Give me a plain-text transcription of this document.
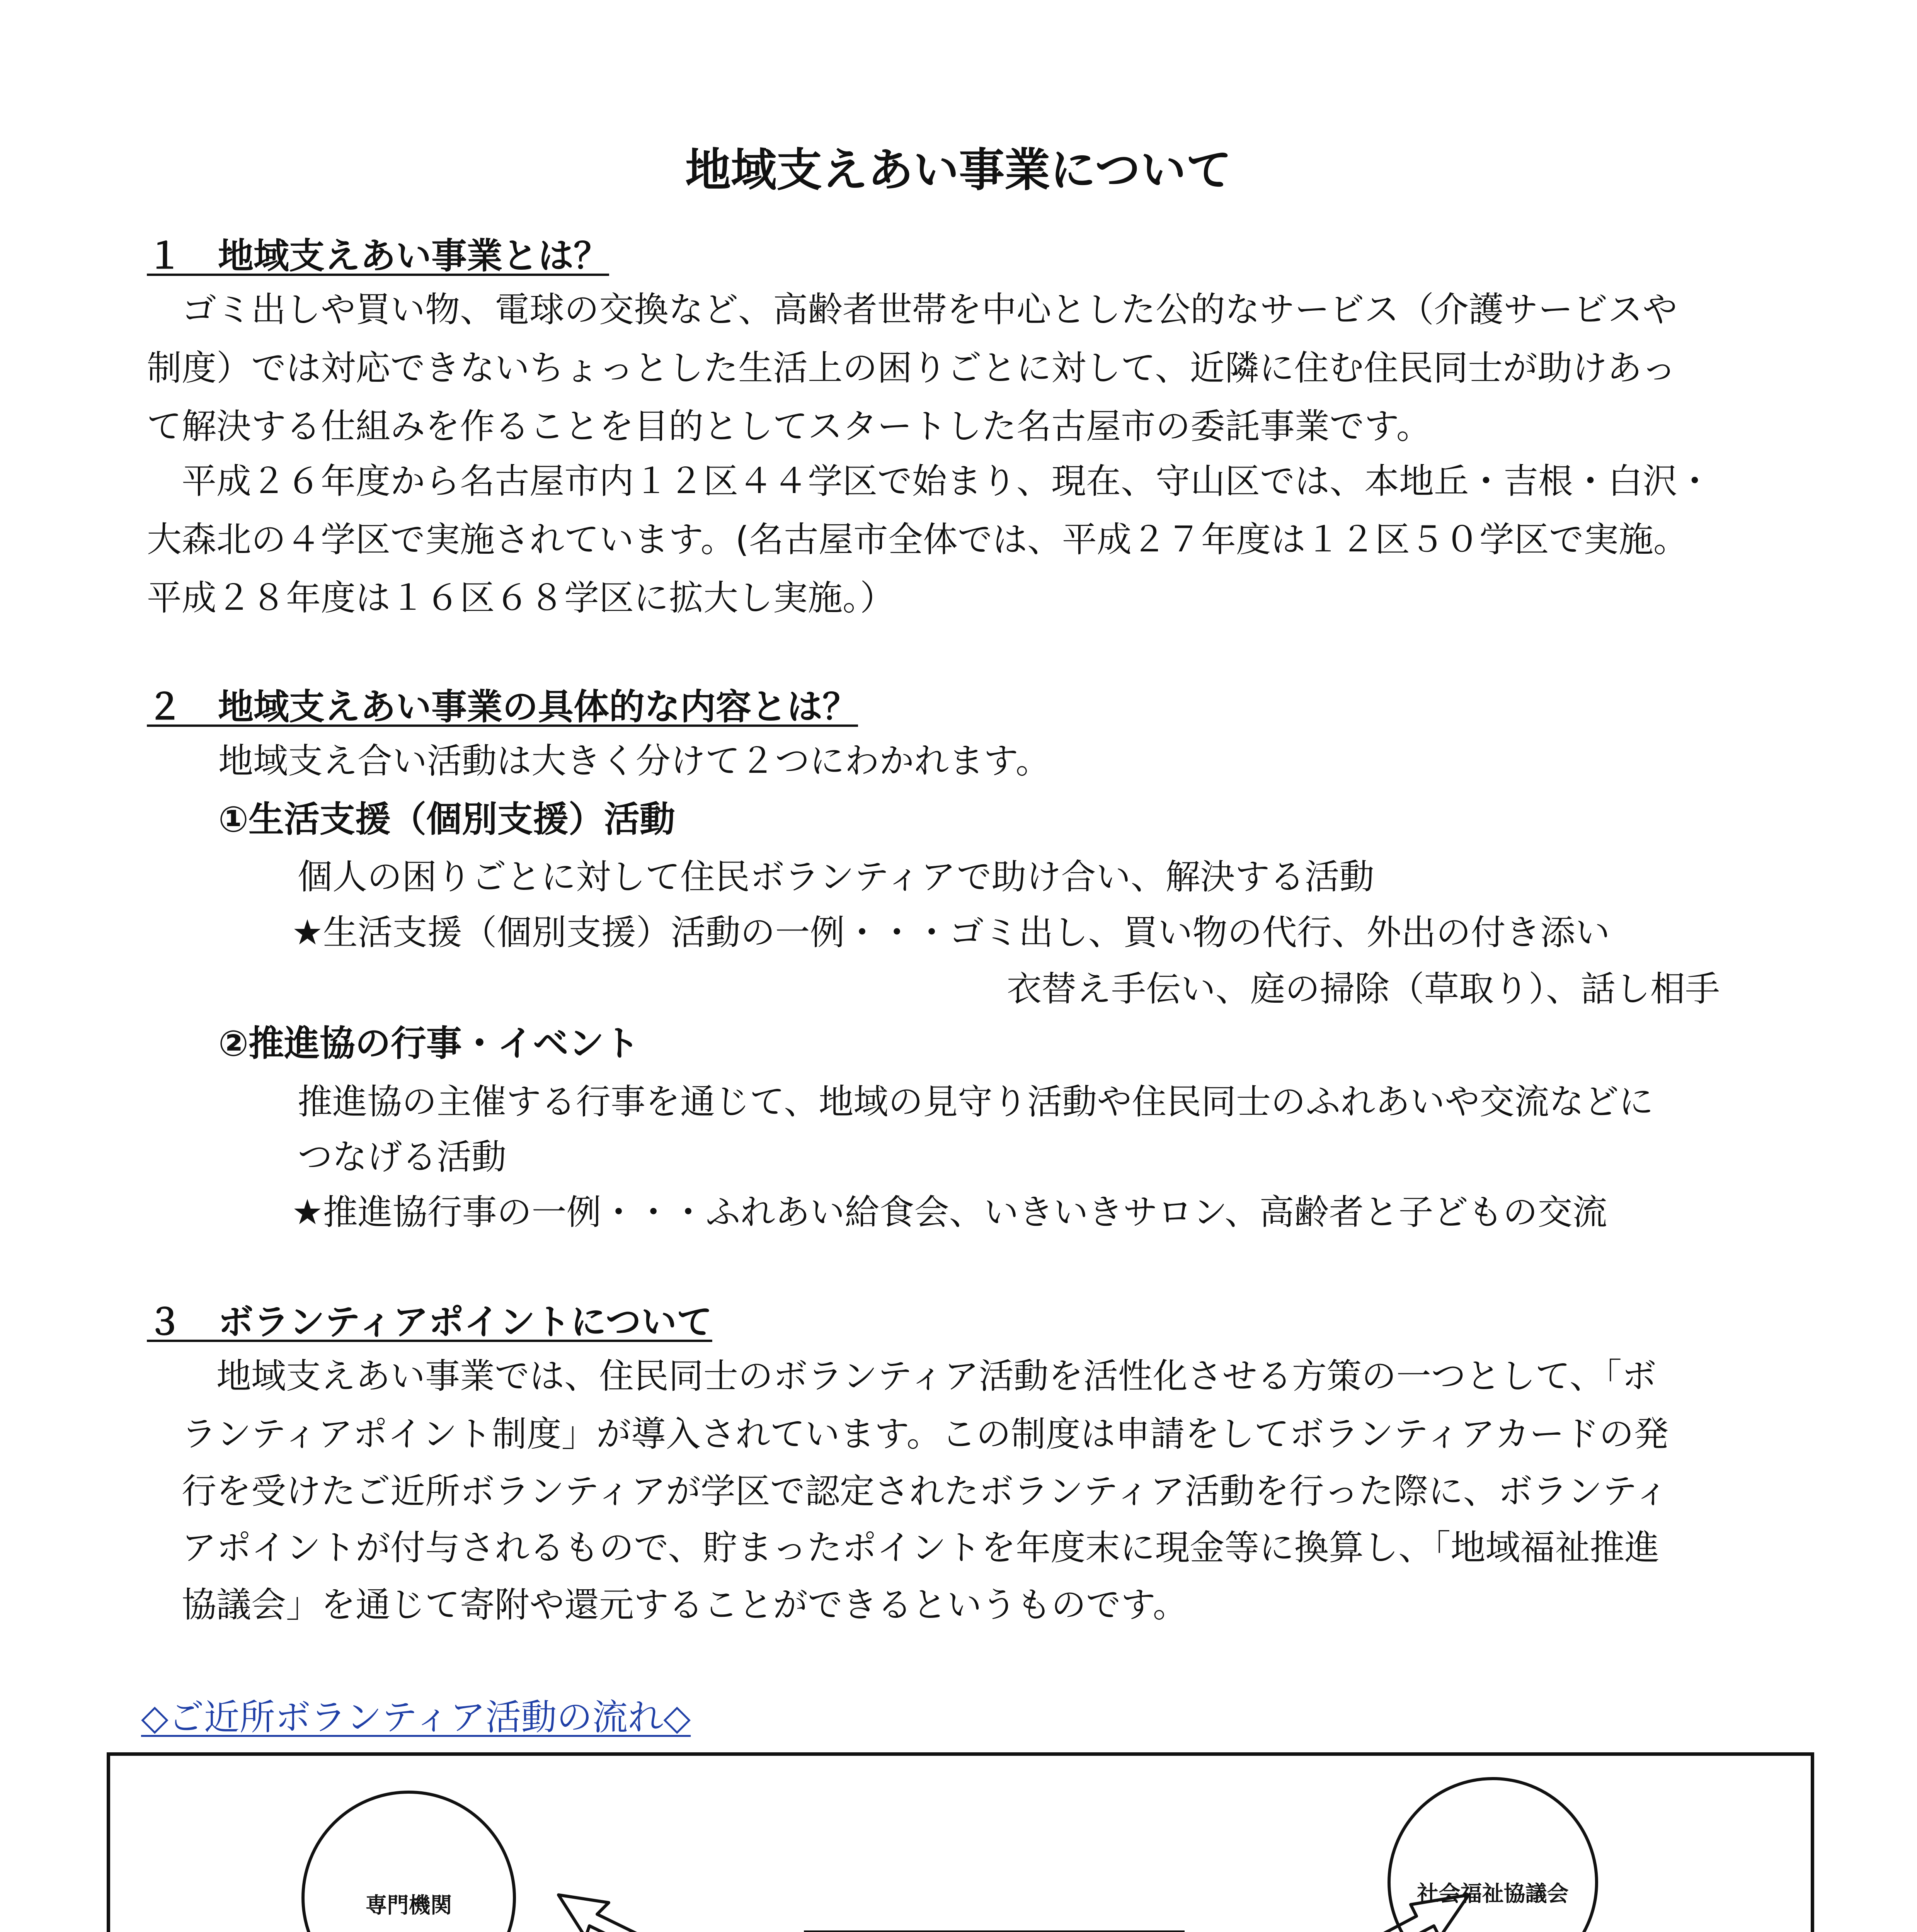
地域支えあい事業について
１　地域支えあい事業とは？
　ゴミ出しや買い物、電球の交換など、高齢者世帯を中心とした公的なサービス（介護サービスや
制度）では対応できないちょっとした生活上の困りごとに対して、近隣に住む住民同士が助けあっ
て解決する仕組みを作ることを目的としてスタートした名古屋市の委託事業です。
　平成２６年度から名古屋市内１２区４４学区で始まり、現在、守山区では、本地丘・吉根・白沢・
大森北の４学区で実施されています。(名古屋市全体では、平成２７年度は１２区５０学区で実施。
平成２８年度は１６区６８学区に拡大し実施。）
２　地域支えあい事業の具体的な内容とは？
地域支え合い活動は大きく分けて２つにわかれます。
①生活支援（個別支援）活動
個人の困りごとに対して住民ボランティアで助け合い、解決する活動
★生活支援（個別支援）活動の一例・・・ゴミ出し、買い物の代行、外出の付き添い
衣替え手伝い、庭の掃除（草取り）、話し相手
②推進協の行事・イベント
推進協の主催する行事を通じて、地域の見守り活動や住民同士のふれあいや交流などに
つなげる活動
★推進協行事の一例・・・ふれあい給食会、いきいきサロン、高齢者と子どもの交流
３　ボランティアポイントについて
　地域支えあい事業では、住民同士のボランティア活動を活性化させる方策の一つとして、「ボ
ランティアポイント制度」が導入されています。この制度は申請をしてボランティアカードの発
行を受けたご近所ボランティアが学区で認定されたボランティア活動を行った際に、ボランティ
アポイントが付与されるもので、貯まったポイントを年度末に現金等に換算し、「地域福祉推進
協議会」を通じて寄附や還元することができるというものです。
◇ご近所ボランティア活動の流れ◇
専門機関	社会福祉協議会
